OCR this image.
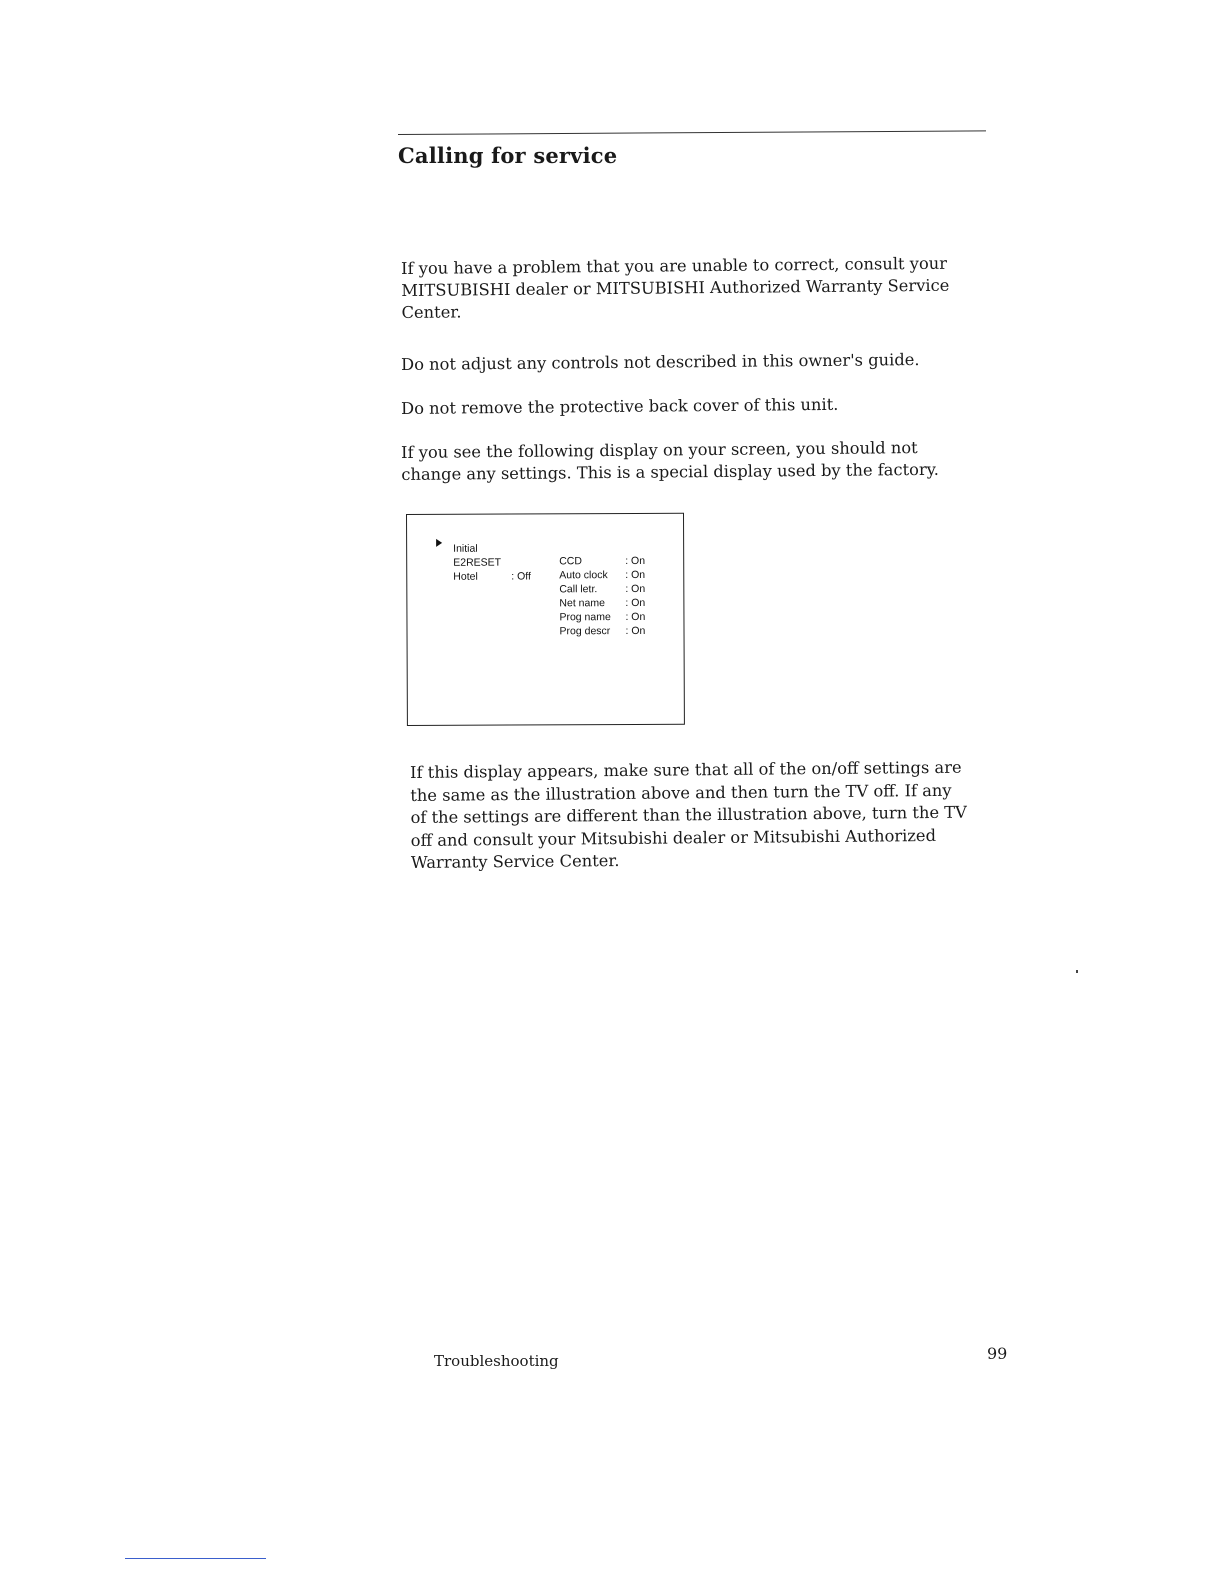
Calling for service

If you have a problem that you are unable to correct, consult your
MITSUBISHI dealer or MITSUBISHI Authorized Warranty Service
Center.

Do not adjust any controls not described in this owner's guide.

Do not remove the protective back cover of this unit.

If you see the following display on your screen, you should not
change any settings. This is a special display used by the factory.

Initial
E2RESET
Hotel	: Off
CCD	: On
Auto clock : On
Call letr.	: On
Net name : On
Prog name : On
Prog descr : On

If this display appears, make sure that all of the on/off settings are
the same as the illustration above and then turn the TV off. If any
of the settings are different than the illustration above, turn the TV
off and consult your Mitsubishi dealer or Mitsubishi Authorized
Warranty Service Center.

Troubleshooting	99
